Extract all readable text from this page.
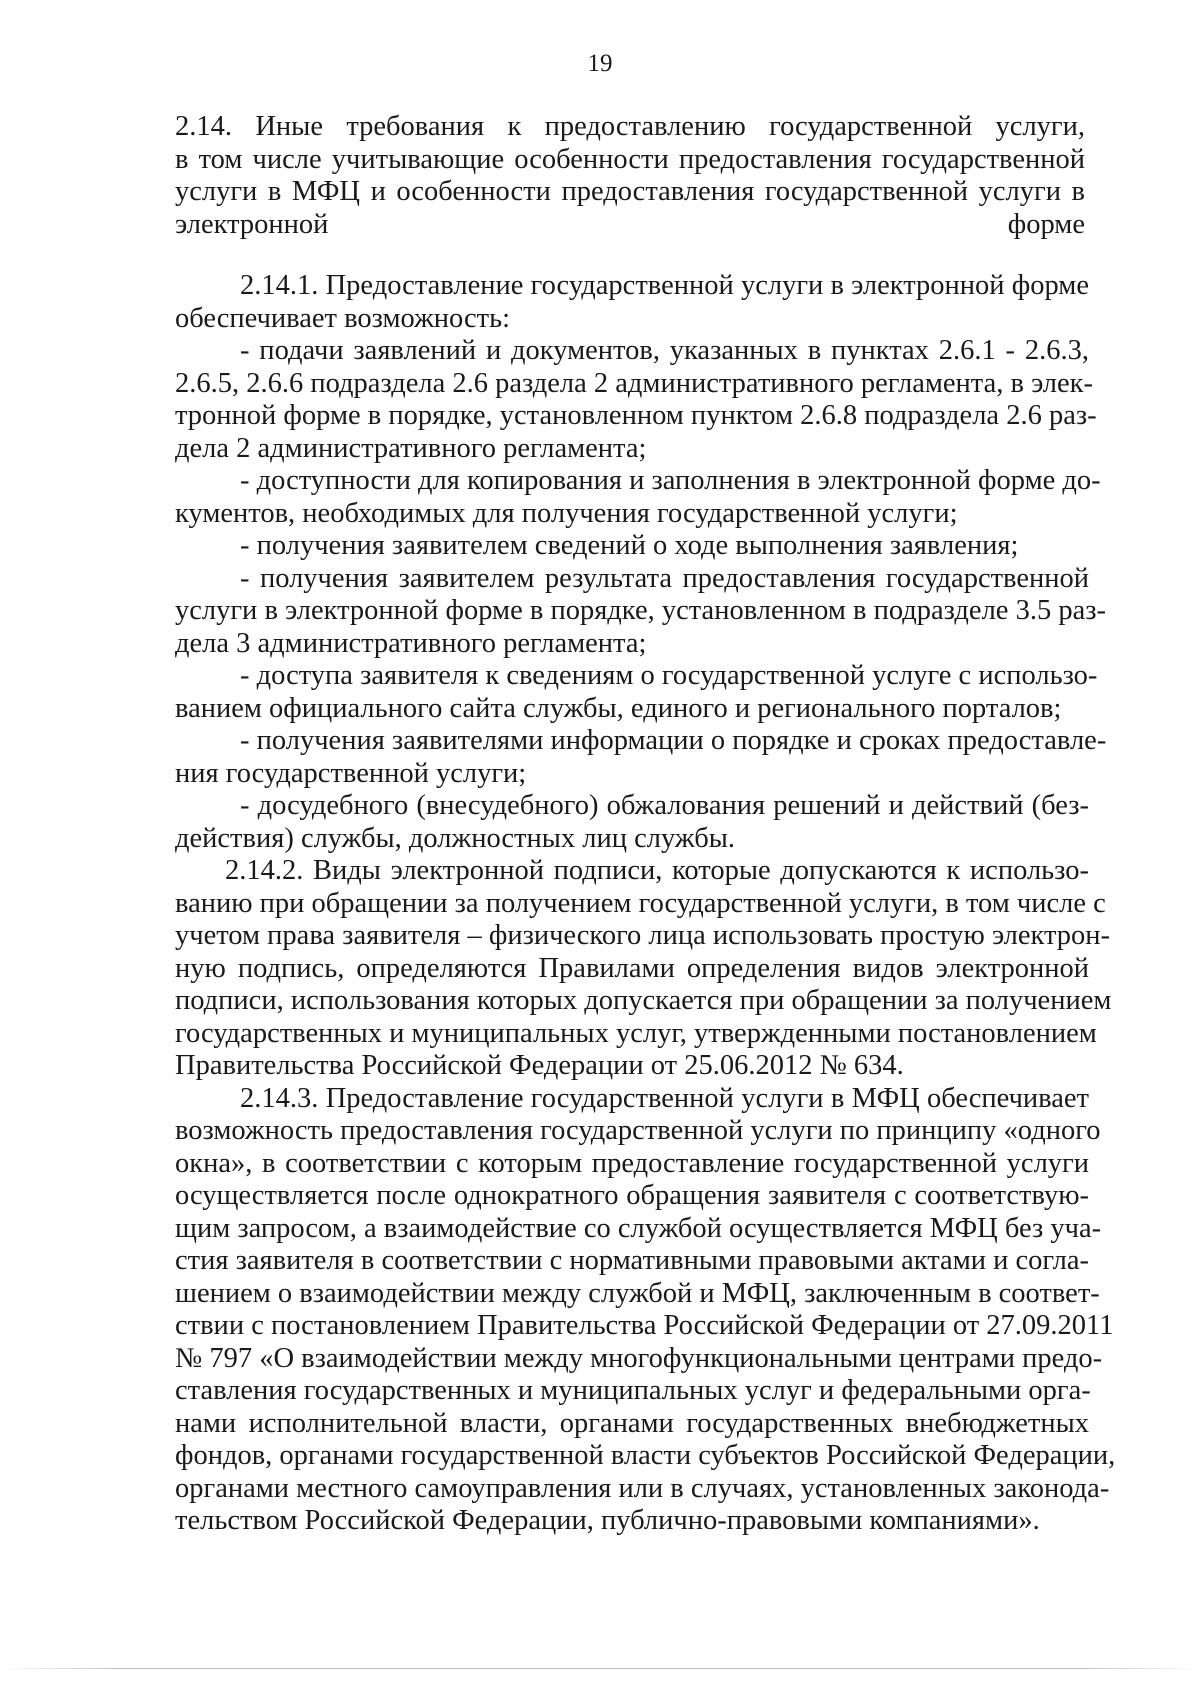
19
2.14. Иные требования к предоставлению государственной услуги,
в том числе учитывающие особенности предоставления государственной
услуги в МФЦ и особенности предоставления государственной услуги в
электронной форме
2.14.1. Предоставление государственной услуги в электронной форме
обеспечивает возможность:
- подачи заявлений и документов, указанных в пунктах 2.6.1 - 2.6.3,
2.6.5, 2.6.6 подраздела 2.6 раздела 2 административного регламента, в элек-
тронной форме в порядке, установленном пунктом 2.6.8 подраздела 2.6 раз-
дела 2 административного регламента;
- доступности для копирования и заполнения в электронной форме до-
кументов, необходимых для получения государственной услуги;
- получения заявителем сведений о ходе выполнения заявления;
- получения заявителем результата предоставления государственной
услуги в электронной форме в порядке, установленном в подразделе 3.5 раз-
дела 3 административного регламента;
- доступа заявителя к сведениям о государственной услуге с использо-
ванием официального сайта службы, единого и регионального порталов;
- получения заявителями информации о порядке и сроках предоставле-
ния государственной услуги;
- досудебного (внесудебного) обжалования решений и действий (без-
действия) службы, должностных лиц службы.
2.14.2. Виды электронной подписи, которые допускаются к использо-
ванию при обращении за получением государственной услуги, в том числе с
учетом права заявителя – физического лица использовать простую электрон-
ную подпись, определяются Правилами определения видов электронной
подписи, использования которых допускается при обращении за получением
государственных и муниципальных услуг, утвержденными постановлением
Правительства Российской Федерации от 25.06.2012 № 634.
2.14.3. Предоставление государственной услуги в МФЦ обеспечивает
возможность предоставления государственной услуги по принципу «одного
окна», в соответствии с которым предоставление государственной услуги
осуществляется после однократного обращения заявителя с соответствую-
щим запросом, а взаимодействие со службой осуществляется МФЦ без уча-
стия заявителя в соответствии с нормативными правовыми актами и согла-
шением о взаимодействии между службой и МФЦ, заключенным в соответ-
ствии с постановлением Правительства Российской Федерации от 27.09.2011
№ 797 «О взаимодействии между многофункциональными центрами предо-
ставления государственных и муниципальных услуг и федеральными орга-
нами исполнительной власти, органами государственных внебюджетных
фондов, органами государственной власти субъектов Российской Федерации,
органами местного самоуправления или в случаях, установленных законода-
тельством Российской Федерации, публично-правовыми компаниями».
